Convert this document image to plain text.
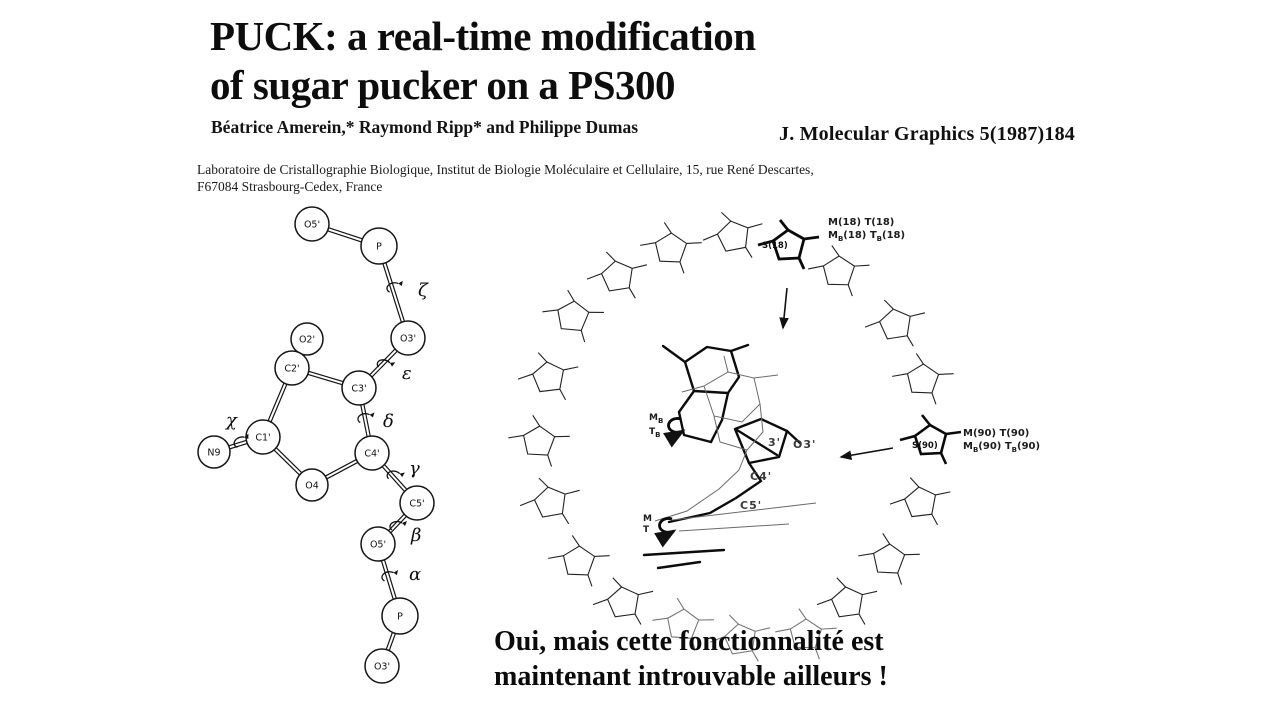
O5'
P
O3'
O2'
C2'
C3'
C1'
N9
O4
C4'
C5'
O5'
P
O3'
ζ
ε
δ
χ
γ
β
α
PUCK: a real-time modification
of sugar pucker on a PS300
Béatrice Amerein,* Raymond Ripp* and Philippe Dumas	J. Molecular Graphics 5(1987)184
Laboratoire de Cristallographie Biologique, Institut de Biologie Moléculaire et Cellulaire, 15, rue René Descartes,
F67084 Strasbourg-Cedex, France
M(18) T(18)
$M_B(18)$ $T_B(18)$
S(18)
M(90) T(90)
$M_B(90)$ $T_B(90)$
S(90)
$M_B$
$T_B$
M
T
3' O3'
C4'
C5'
Oui, mais cette fonctionnalité est
maintenant introuvable ailleurs !
